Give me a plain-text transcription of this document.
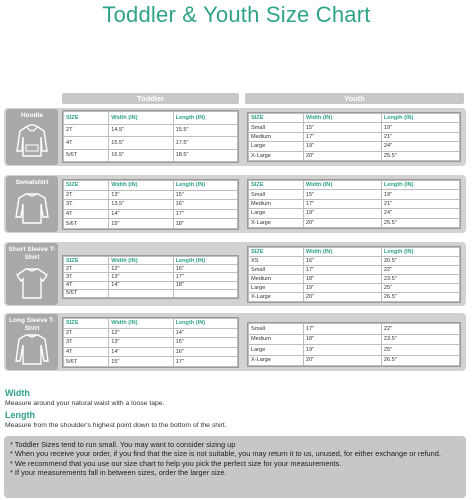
Toddler & Youth Size Chart
Toddler	Youth
Hoodie
Sweatshirt
Short Sleeve T-Shirt
Long Sleeve T-Shirt
SIZE	Width (IN)	Length (IN)
2T	14.5"	15.5"
4T	15.5"	17.5"
5/6T	16.5"	18.5"
SIZE	Width (IN)	Length (IN)
2T	13"	15"
3T	13.5"	16"
4T	14"	17"
5/6T	15"	18"
SIZE	Width (IN)	Length (IN)
2T	12"	16"
3T	13"	17"
4T	14"	18"
5/6T		
SIZE	Width (IN)	Length (IN)
2T	12"	14"
3T	13"	15"
4T	14"	16"
5/6T	15"	17"
SIZE	Width (IN)	Length (IN)
Small	15"	19"
Medium	17"	21"
Large	19"	24"
X-Large	20"	25.5"
SIZE	Width (IN)	Length (IN)
Small	15"	19"
Medium	17"	21"
Large	19"	24"
X-Large	20"	25.5"
SIZE	Width (IN)	Length (IN)
XS	16"	20.5"
Small	17"	22"
Medium	18"	23.5"
Large	19"	25"
X-Large	20"	26.5"
Small	17"	22"
Medium	18"	23.5"
Large	19"	25"
X-Large	20"	26.5"
Width
Measure around your natural waist with a loose tape.
Length
Measure from the shoulder's highest point down to the bottom of the shirt.
* Toddler Sizes tend to run small. You may want to consider sizing up
* When you receive your order, if you find that the size is not suitable, you may return it to us, unused, for either exchange or refund.
* We recommend that you use our size chart to help you pick the perfect size for your measurements.
* If your measurements fall in between sizes, order the larger size.
